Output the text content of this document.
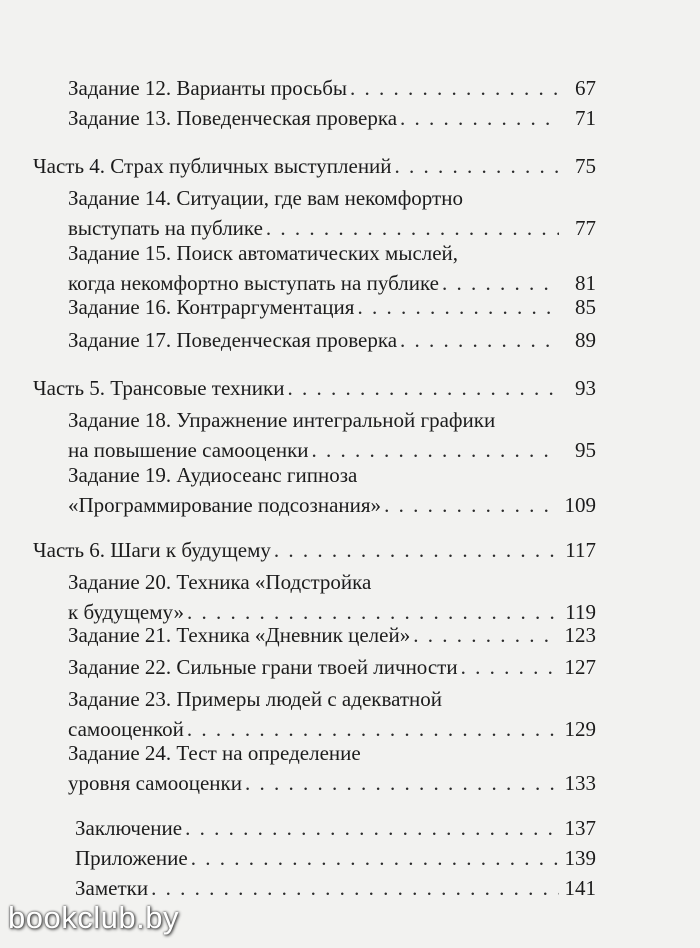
Задание 12. Варианты просьбы . . .	67
Задание 13. Поведенческая проверка . . .	71
Часть 4. Страх публичных выступлений . . .	75
Задание 14. Ситуации, где вам некомфортно
выступать на публике . . .	77
Задание 15. Поиск автоматических мыслей,
когда некомфортно выступать на публике . . .	81
Задание 16. Контраргументация . . .	85
Задание 17. Поведенческая проверка . . .	89
Часть 5. Трансовые техники . . .	93
Задание 18. Упражнение интегральной графики
на повышение самооценки . . .	95
Задание 19. Аудиосеанс гипноза
«Программирование подсознания» . . .	109
Часть 6. Шаги к будущему . . .	117
Задание 20. Техника «Подстройка
к будущему» . . .	119
Задание 21. Техника «Дневник целей» . . .	123
Задание 22. Сильные грани твоей личности . . .	127
Задание 23. Примеры людей с адекватной
самооценкой . . .	129
Задание 24. Тест на определение
уровня самооценки . . .	133
Заключение . . .	137
Приложение . . .	139
Заметки . . .	141
bookclub.by
